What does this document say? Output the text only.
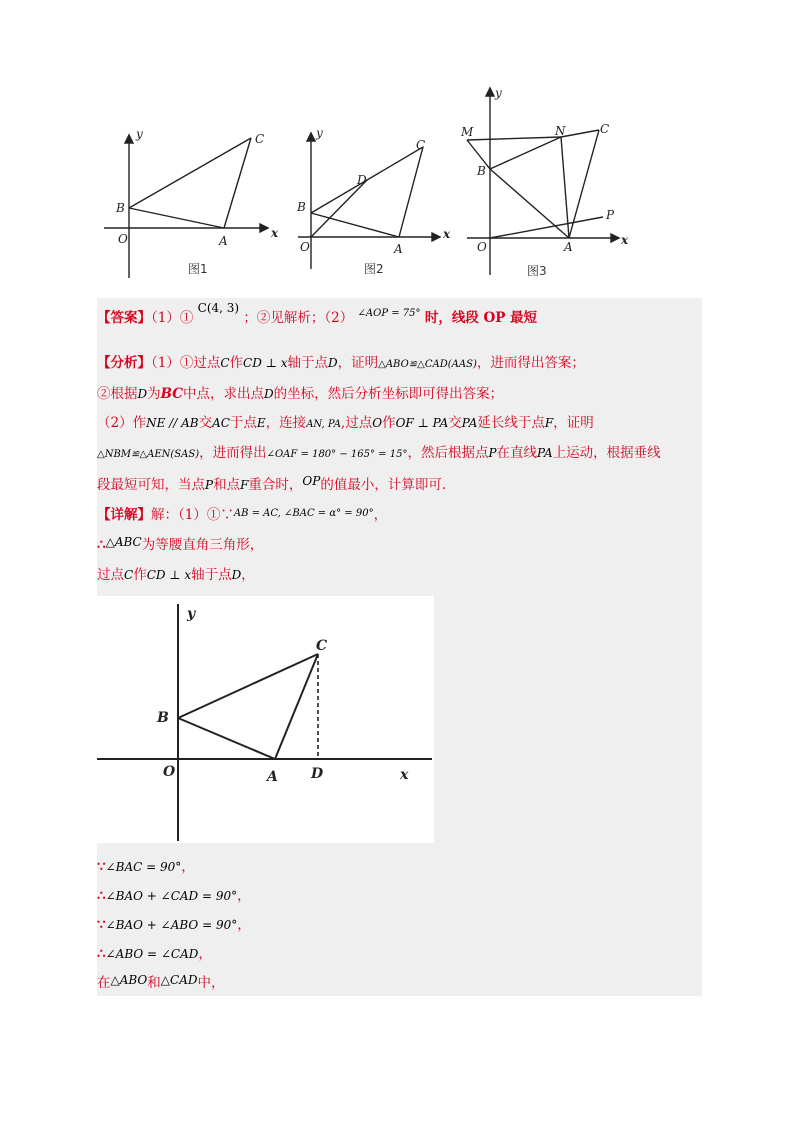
y
x
O	A
B
C
图1
y
x
O	A
B
C
D
图2
y
x
O	A
B
C
M	N
P
图3
【答案】（1）① C(4, 3) ；②见解析；（2） $^{\angle AOP = 75^\circ}$ 时，线段 OP 最短
【分析】（1）①过点C作CD ⊥ x轴于点D，证明△ABO≌△CAD(AAS)，进而得出答案；
②根据D为BC中点，求出点D的坐标，然后分析坐标即可得出答案；
（2）作NE // AB交AC于点E，连接AN, PA,过点O作OF ⊥ PA交PA延长线于点F，证明
△NBM≌△AEN(SAS)，进而得出∠OAF = 180° − 165° = 15°，然后根据点P在直线PA上运动，根据垂线
段最短可知，当点P和点F重合时，OP的值最小，计算即可.
【详解】解：（1）①∵$^{AB = AC, \angle BAC = \alpha^\circ = 90^\circ}$，
∴△ABC为等腰直角三角形，
过点C作CD ⊥ x轴于点D，
y
x
O	A
B
C
D
∵∠BAC = 90°，
∴∠BAO + ∠CAD = 90°，
∵∠BAO + ∠ABO = 90°，
∴∠ABO = ∠CAD，
在△ABO和△CAD中，
